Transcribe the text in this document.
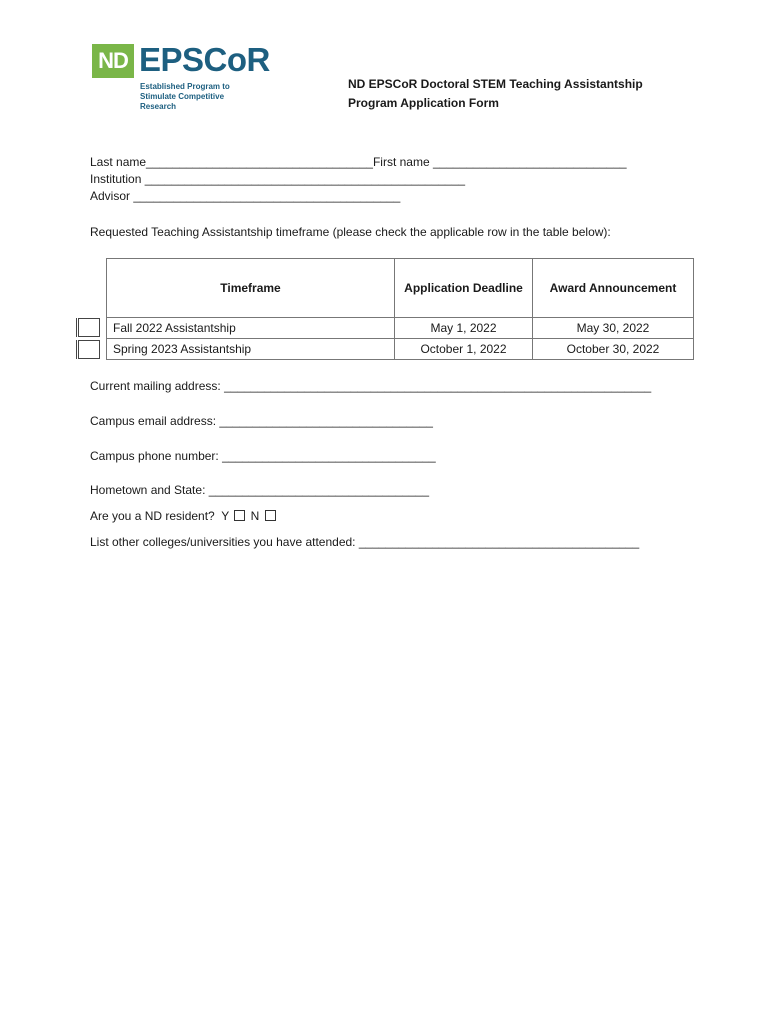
ND EPSCoR
Established Program to Stimulate Competitive Research
ND EPSCoR Doctoral STEM Teaching Assistantship
Program Application Form
Last name__________________________________First name _____________________________
Institution ________________________________________________
Advisor ________________________________________
Requested Teaching Assistantship timeframe (please check the applicable row in the table below):
Timeframe	Application Deadline	Award Announcement
Fall 2022 Assistantship	May 1, 2022	May 30, 2022
Spring 2023 Assistantship	October 1, 2022	October 30, 2022
Current mailing address: ________________________________________________________________
Campus email address: ________________________________
Campus phone number: ________________________________
Hometown and State: _________________________________
Are you a ND resident? Y N
List other colleges/universities you have attended: __________________________________________
